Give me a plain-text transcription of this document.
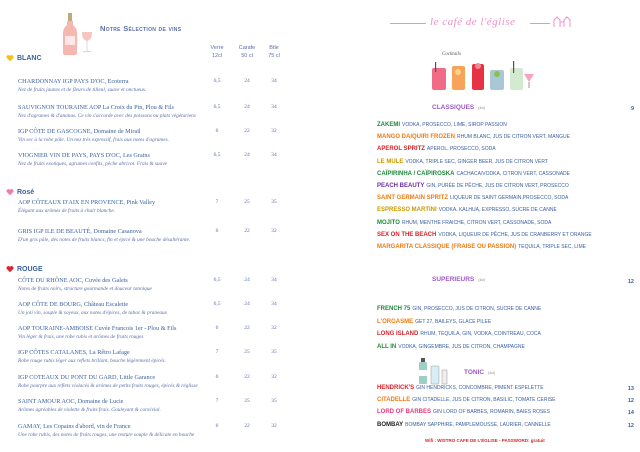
Notre Sélection de vins
Verre
12cl
Carafe
50 cl
Btle
75 cl
BLANC
Rosé
ROUGE
CHARDONNAY IGP PAYS D'OC, Ecoterra
Nez de fruits jaunes et de fleurs de tilleul, suave et onctueux.
6,5	24	34
SAUVIGNON TOURAINE AOP La Croix du Pin, Plou & Fils
Nez d'agrumes & d'ananas. Ce vin s'accorde avec des poissons ou plats végétariens
6,5	24	34
IGP CÔTE DE GASCOGNE, Domaine de Miraïl
Vin sec à la robe pâle. Un nez très expressif, frais aux notes d'agrumes.
6	22	32
VIOGNIER VIN DE PAYS, PAYS D'OC, Les Grains
Nez de fruits exotiques, agrumes confits, pêche abricot. Frais & suave
6,5	24	34
AOP CÔTEAUX D'AIX EN PROVENCE, Pink Valley
Élégant aux arômes de fruits à chair blanche.
7	25	35
GRIS IGP ILE DE BEAUTÉ, Domaine Casanova
D'un gris pâle, des notes de fruits blancs, fin et épicé & une bouche désaltérante.
6	22	32
CÔTE DU RHÔNE AOC, Cuvée des Galets
Notes de fruits noirs, structure gourmande et douceur tannique
6,5	24	34
AOP CÔTE DE BOURG, Château Escalette
Un joli vin, souple & soyeux, aux notes d'épices, de tabac & pruneaux
6,5	24	34
AOP TOURAINE-AMBOISE Cuvée Francois 1er - Plou & Fils
Vin léger & frais, une robe rubis et arômes de fruits rouges
6	22	32
IGP CÔTES CATALANES, La Rêtro Lafage
Robe rouge rubis léger aux reflets brillant, bouche légèrement épicés.
7	25	35
IGP COTEAUX DU PONT DU GARD, Little Garance
Robe pourpre aux reflets violacés & arômes de petits fruits rouges, épicés & réglisse
6	22	32
SAINT AMOUR AOC, Domaine de Lucie
Arômes agréables de violette & fruits frais. Gouleyant & convivial.
7	25	35
GAMAY, Les Copains d'abord, vin de France
Une robe rubis, des notes de fruits rouges, une texture souple & délicate en bouche
6	22	32
le café de l'église
Cocktails
CLASSIQUES (4cl)	9
ZAKEMI VODKA, PROSECCO, LIME, SIROP PASSION
MANGO DAIQUIRI FROZEN RHUM BLANC, JUS DE CITRON VERT, MANGUE
APEROL SPRITZ APEROL, PROSECCO, SODA
LE MULE VODKA, TRIPLE SEC, GINGER BEER, JUS DE CITRON VERT
CAÏPIRINHA / CAÏPIROSKA CACHACA/VODKA, CITRON VERT, CASSONADE
PEACH BEAUTY GIN, PURÉE DE PÊCHE, JUS DE CITRON VERT, PROSECCO
SAINT GERMAIN SPRITZ LIQUEUR DE SAINT GERMAIN,PROSECCO, SODA
ESPRESSO MARTINI VODKA, KALHUA, EXPRESSO, SUCRE DE CANNE
MOJITO RHUM, MENTHE FRAICHE, CITRON VERT, CASSONADE, SODA
SEX ON THE BEACH VODKA, LIQUEUR DE PÊCHE, JUS DE CRANBERRY ET ORANGE
MARGARITA CLASSIQUE (FRAISE OU PASSION) TEQUILA, TRIPLE SEC, LIME
SUPERIEURS (4cl)	12
FRENCH 75 GIN, PROSECCO, JUS DE CITRON, SUCRE DE CANNE
L'ORGASME GET 27, BAILEYS, GLACE PILEE
LONG ISLAND RHUM, TEQUILA, GIN, VODKA, COINTREAU, COCA
ALL IN VODKA, GINGEMBRE, JUS DE CITRON, CHAMPAGNE
TONIC (4cl)
HENDRICK'S GIN HENDRICKS, CONCOMBRE, PIMENT ESPELETTE	13
CITADELLE GIN CITADELLE, JUS DE CITRON, BASILIC, TOMATE CERISE	12
LORD OF BARBES GIN LORD OF BARBES, ROMARIN, BAIES ROSES	14
BOMBAY BOMBAY SAPPHIRE, PAMPLEMOUSSE, LAURIER, CANNELLE	12
Wifi : WISTRO CAFE DE L'ÉGLISE - PASSWORD: gratuit
